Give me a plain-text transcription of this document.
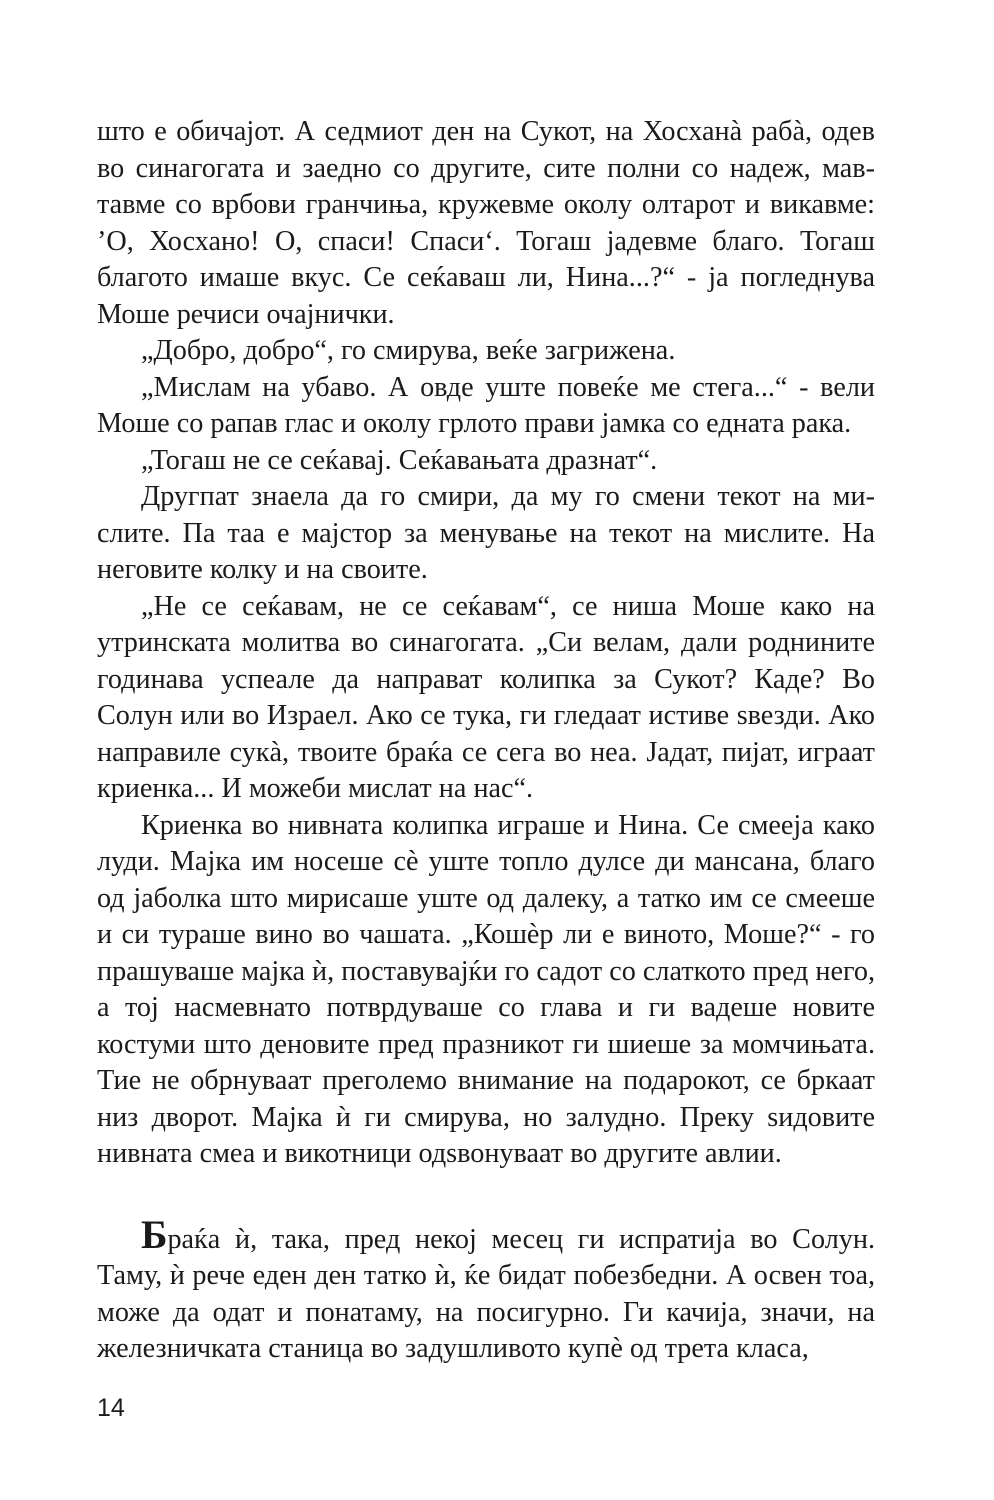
што е обичајот. А седмиот ден на Сукот, на Хосханà рабà, одев во синагогата и заедно со другите, сите полни со надеж, мавтавме со врбови гранчиња, кружевме околу олтарот и викавме: ’О, Хосхано! О, спаси! Спаси‘. Тогаш јадевме благо. Тогаш благото имаше вкус. Се сеќаваш ли, Нина...?“ - ја погледнува Моше речиси очајнички.

„Добро, добро“, го смирува, веќе загрижена.

„Мислам на убаво. А овде уште повеќе ме стега...“ - вели Моше со рапав глас и околу грлото прави јамка со едната рака.

„Тогаш не се сеќавај. Сеќавањата дразнат“.

Другпат знаела да го смири, да му го смени текот на мислите. Па таа е мајстор за менување на текот на мислите. На неговите колку и на своите.

„Не се сеќавам, не се сеќавам“, се ниша Моше како на утринската молитва во синагогата. „Си велам, дали роднините годинава успеале да направат колипка за Сукот? Каде? Во Солун или во Израел. Ако се тука, ги гледаат истиве ѕвезди. Ако направиле сукà, твоите браќа се сега во неа. Јадат, пијат, играат криенка... И можеби мислат на нас“.

Криенка во нивната колипка играше и Нина. Се смееја како луди. Мајка им носеше сè уште топло дулсе ди мансана, благо од јаболка што мирисаше уште од далеку, а татко им се смееше и си тураше вино во чашата. „Кошèр ли е виното, Моше?“ - го прашуваше мајка ѝ, поставувајќи го садот со слаткото пред него, а тој насмевнато потврдуваше со глава и ги вадеше новите костуми што деновите пред празникот ги шиеше за момчињата. Тие не обрнуваат преголемо внимание на подарокот, се бркаат низ дворот. Мајка ѝ ги смирува, но залудно. Преку ѕидовите нивната смеа и викотници одѕвонуваат во другите авлии.

Браќа ѝ, така, пред некој месец ги испратија во Солун. Таму, ѝ рече еден ден татко ѝ, ќе бидат побезбедни. А освен тоа, може да одат и понатаму, на посигурно. Ги качија, значи, на железничката станица во задушливото купè од трета класа,

14
